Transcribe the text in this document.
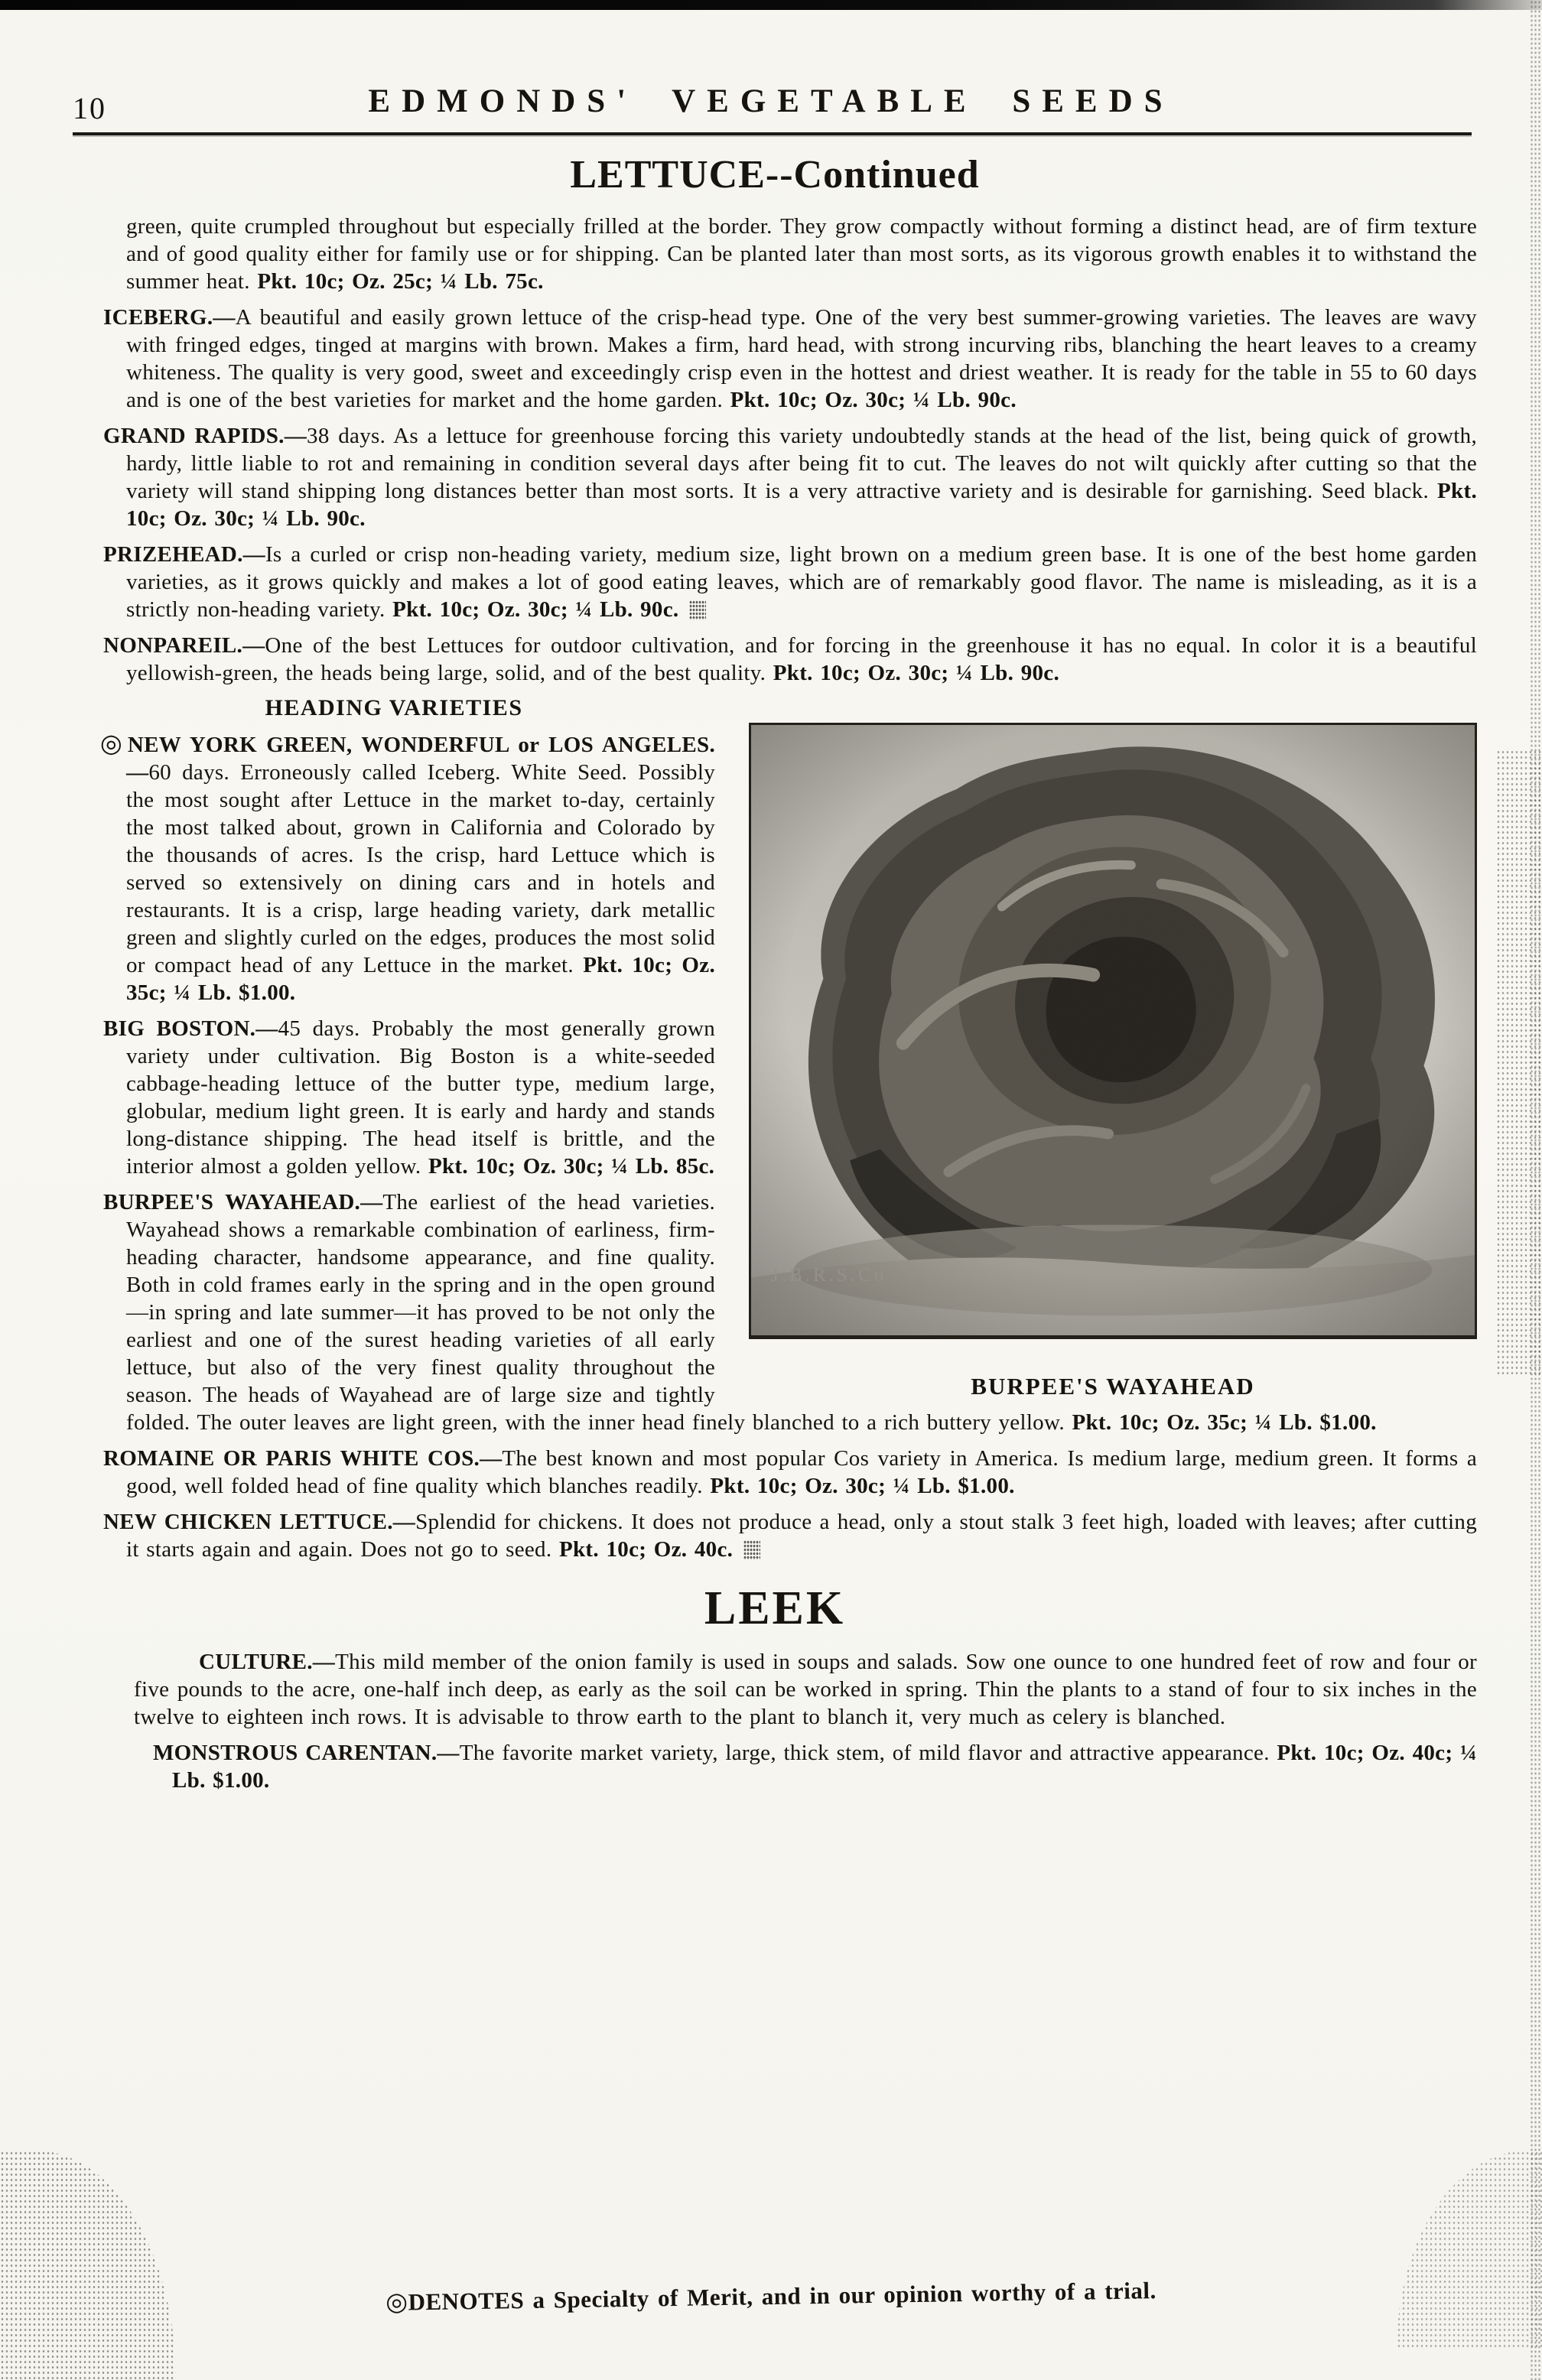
10	EDMONDS' VEGETABLE SEEDS
LETTUCE--Continued

green, quite crumpled throughout but especially frilled at the border. They grow compactly without forming a distinct head, are of firm texture and of good quality either for family use or for shipping. Can be planted later than most sorts, as its vigorous growth enables it to withstand the summer heat. Pkt. 10c; Oz. 25c; ¼ Lb. 75c.

ICEBERG.—A beautiful and easily grown lettuce of the crisp-head type. One of the very best summer-growing varieties. The leaves are wavy with fringed edges, tinged at margins with brown. Makes a firm, hard head, with strong incurving ribs, blanching the heart leaves to a creamy whiteness. The quality is very good, sweet and exceedingly crisp even in the hottest and driest weather. It is ready for the table in 55 to 60 days and is one of the best varieties for market and the home garden. Pkt. 10c; Oz. 30c; ¼ Lb. 90c.

GRAND RAPIDS.—38 days. As a lettuce for greenhouse forcing this variety undoubtedly stands at the head of the list, being quick of growth, hardy, little liable to rot and remaining in condition several days after being fit to cut. The leaves do not wilt quickly after cutting so that the variety will stand shipping long distances better than most sorts. It is a very attractive variety and is desirable for garnishing. Seed black. Pkt. 10c; Oz. 30c; ¼ Lb. 90c.

PRIZEHEAD.—Is a curled or crisp non-heading variety, medium size, light brown on a medium green base. It is one of the best home garden varieties, as it grows quickly and makes a lot of good eating leaves, which are of remarkably good flavor. The name is misleading, as it is a strictly non-heading variety. Pkt. 10c; Oz. 30c; ¼ Lb. 90c.

NONPAREIL.—One of the best Lettuces for outdoor cultivation, and for forcing in the greenhouse it has no equal. In color it is a beautiful yellowish-green, the heads being large, solid, and of the best quality. Pkt. 10c; Oz. 30c; ¼ Lb. 90c.

J.B.R.S.Co
BURPEE'S WAYAHEAD
HEADING VARIETIES

◎ NEW YORK GREEN, WONDERFUL or LOS ANGELES.—60 days. Erroneously called Iceberg. White Seed. Possibly the most sought after Lettuce in the market to-day, certainly the most talked about, grown in California and Colorado by the thousands of acres. Is the crisp, hard Lettuce which is served so extensively on dining cars and in hotels and restaurants. It is a crisp, large heading variety, dark metallic green and slightly curled on the edges, produces the most solid or compact head of any Lettuce in the market. Pkt. 10c; Oz. 35c; ¼ Lb. $1.00.

BIG BOSTON.—45 days. Probably the most generally grown variety under cultivation. Big Boston is a white-seeded cabbage-heading lettuce of the butter type, medium large, globular, medium light green. It is early and hardy and stands long-distance shipping. The head itself is brittle, and the interior almost a golden yellow. Pkt. 10c; Oz. 30c; ¼ Lb. 85c.

BURPEE'S WAYAHEAD.—The earliest of the head varieties. Wayahead shows a remarkable combination of earliness, firm-heading character, handsome appearance, and fine quality. Both in cold frames early in the spring and in the open ground—in spring and late summer—it has proved to be not only the earliest and one of the surest heading varieties of all early lettuce, but also of the very finest quality throughout the season. The heads of Wayahead are of large size and tightly folded. The outer leaves are light green, with the inner head finely blanched to a rich buttery yellow. Pkt. 10c; Oz. 35c; ¼ Lb. $1.00.

ROMAINE OR PARIS WHITE COS.—The best known and most popular Cos variety in America. Is medium large, medium green. It forms a good, well folded head of fine quality which blanches readily. Pkt. 10c; Oz. 30c; ¼ Lb. $1.00.

NEW CHICKEN LETTUCE.—Splendid for chickens. It does not produce a head, only a stout stalk 3 feet high, loaded with leaves; after cutting it starts again and again. Does not go to seed. Pkt. 10c; Oz. 40c.

LEEK

CULTURE.—This mild member of the onion family is used in soups and salads. Sow one ounce to one hundred feet of row and four or five pounds to the acre, one-half inch deep, as early as the soil can be worked in spring. Thin the plants to a stand of four to six inches in the twelve to eighteen inch rows. It is advisable to throw earth to the plant to blanch it, very much as celery is blanched.

MONSTROUS CARENTAN.—The favorite market variety, large, thick stem, of mild flavor and attractive appearance. Pkt. 10c; Oz. 40c; ¼ Lb. $1.00.

◎DENOTES a Specialty of Merit, and in our opinion worthy of a trial.
